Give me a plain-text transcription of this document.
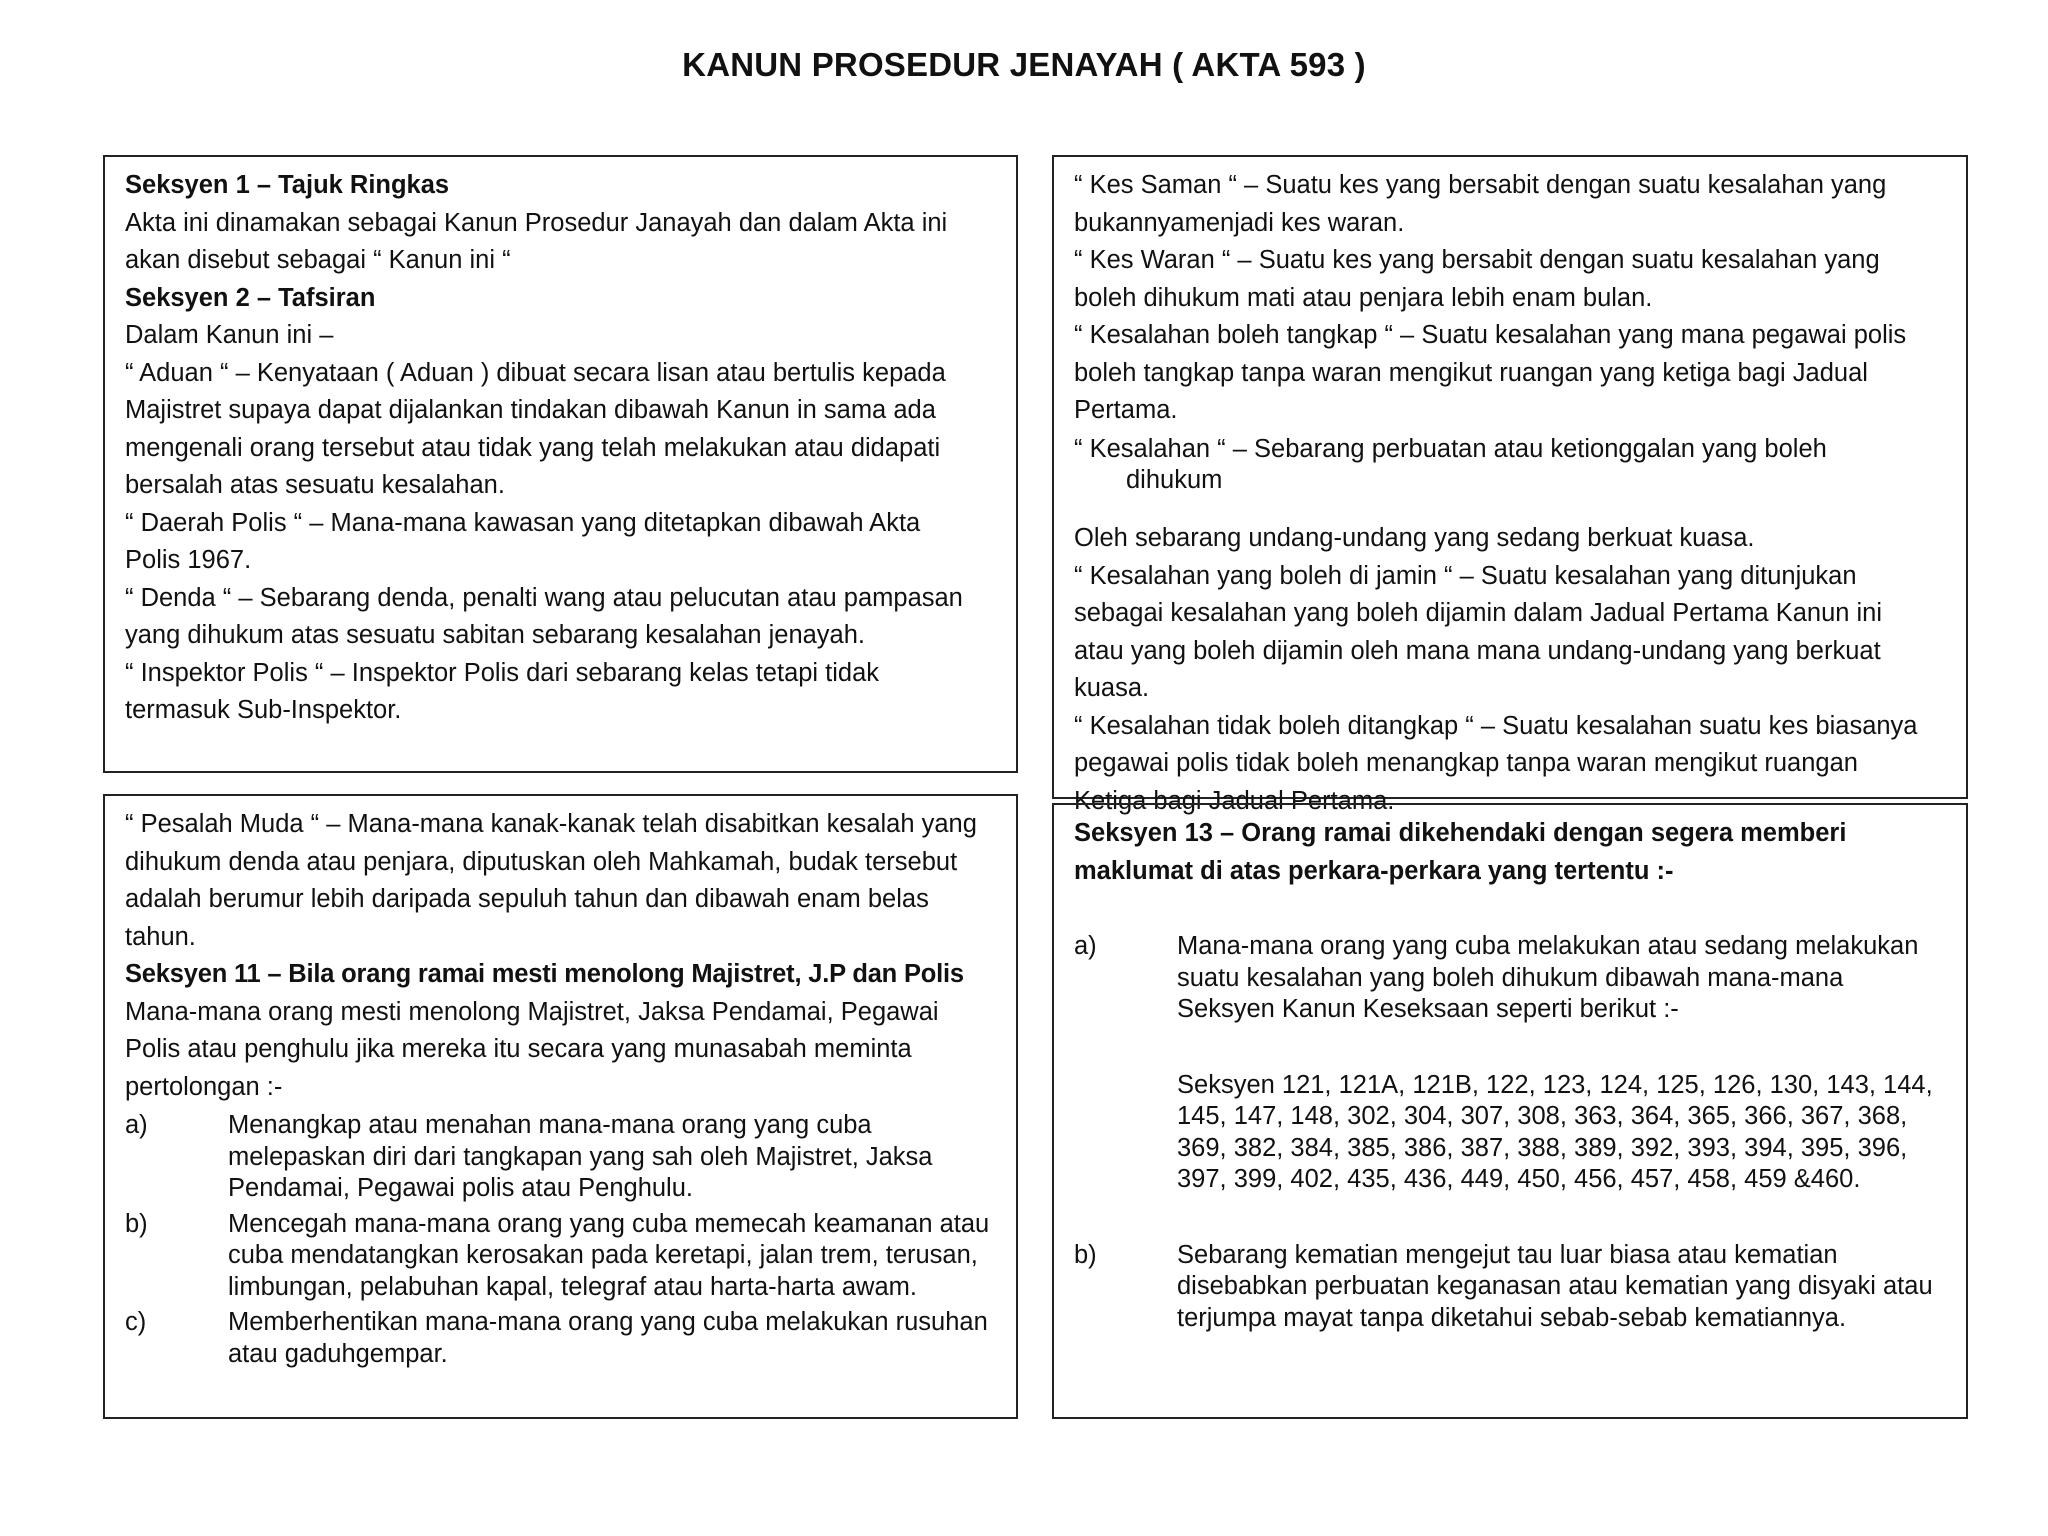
KANUN PROSEDUR JENAYAH ( AKTA 593 )

Seksyen 1 – Tajuk Ringkas

Akta ini dinamakan sebagai Kanun Prosedur Janayah dan dalam Akta ini

akan disebut sebagai “ Kanun ini “

Seksyen 2 – Tafsiran

Dalam Kanun ini –

“ Aduan “ – Kenyataan ( Aduan ) dibuat secara lisan atau bertulis kepada

Majistret supaya dapat dijalankan tindakan dibawah Kanun in sama ada

mengenali orang tersebut atau tidak yang telah melakukan atau didapati

bersalah atas sesuatu kesalahan.

“ Daerah Polis “ – Mana-mana kawasan yang ditetapkan dibawah Akta

Polis 1967.

“ Denda “ – Sebarang denda, penalti wang atau pelucutan atau pampasan

yang dihukum atas sesuatu sabitan sebarang kesalahan jenayah.

“ Inspektor Polis “ – Inspektor Polis dari sebarang kelas tetapi tidak

termasuk Sub-Inspektor.

“ Kes Saman “ – Suatu kes yang bersabit dengan suatu kesalahan yang

bukannyamenjadi kes waran.

“ Kes Waran “ – Suatu kes yang bersabit dengan suatu kesalahan yang

boleh dihukum mati atau penjara lebih enam bulan.

“ Kesalahan boleh tangkap “ – Suatu kesalahan yang mana pegawai polis

boleh tangkap tanpa waran mengikut ruangan yang ketiga bagi Jadual

Pertama.

“ Kesalahan “ – Sebarang perbuatan atau ketionggalan yang boleh

dihukum

Oleh sebarang undang-undang yang sedang berkuat kuasa.

“ Kesalahan yang boleh di jamin “ – Suatu kesalahan yang ditunjukan

sebagai kesalahan yang boleh dijamin dalam Jadual Pertama Kanun ini

atau yang boleh dijamin oleh mana mana undang-undang yang berkuat

kuasa.

“ Kesalahan tidak boleh ditangkap “ – Suatu kesalahan suatu kes biasanya

pegawai polis tidak boleh menangkap tanpa waran mengikut ruangan

Ketiga bagi Jadual Pertama.

“ Pesalah Muda “ – Mana-mana kanak-kanak telah disabitkan kesalah yang

dihukum denda atau penjara, diputuskan oleh Mahkamah, budak tersebut

adalah berumur lebih daripada sepuluh tahun dan dibawah enam belas

tahun.

Seksyen 11 – Bila orang ramai mesti menolong Majistret, J.P dan Polis

Mana-mana orang mesti menolong Majistret, Jaksa Pendamai, Pegawai

Polis atau penghulu jika mereka itu secara yang munasabah meminta

pertolongan :-

a)	Menangkap atau menahan mana-mana orang yang cuba melepaskan diri dari tangkapan yang sah oleh Majistret, Jaksa Pendamai, Pegawai polis atau Penghulu.
b)	Mencegah mana-mana orang yang cuba memecah keamanan atau cuba mendatangkan kerosakan pada keretapi, jalan trem, terusan, limbungan, pelabuhan kapal, telegraf atau harta-harta awam.
c)	Memberhentikan mana-mana orang yang cuba melakukan rusuhan atau gaduhgempar.

Seksyen 13 – Orang ramai dikehendaki dengan segera memberi

maklumat di atas perkara-perkara yang tertentu :-

a)	Mana-mana orang yang cuba melakukan atau sedang melakukan suatu kesalahan yang boleh dihukum dibawah mana-mana Seksyen Kanun Keseksaan seperti berikut :-
Seksyen 121, 121A, 121B, 122, 123, 124, 125, 126, 130, 143, 144, 145, 147, 148, 302, 304, 307, 308, 363, 364, 365, 366, 367, 368, 369, 382, 384, 385, 386, 387, 388, 389, 392, 393, 394, 395, 396, 397, 399, 402, 435, 436, 449, 450, 456, 457, 458, 459 &460.
b)	Sebarang kematian mengejut tau luar biasa atau kematian disebabkan perbuatan keganasan atau kematian yang disyaki atau terjumpa mayat tanpa diketahui sebab-sebab kematiannya.
